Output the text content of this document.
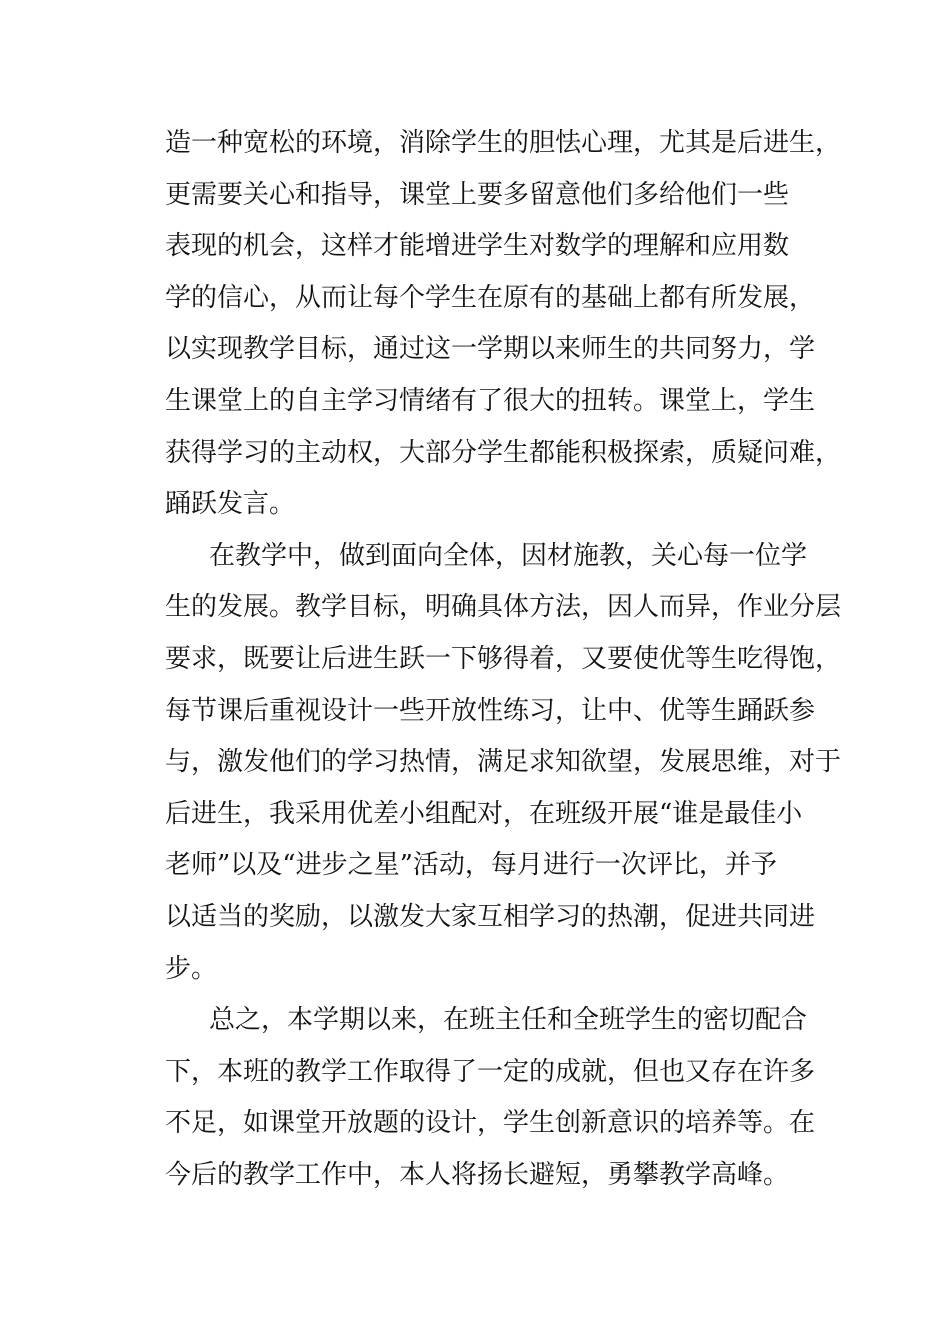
造一种宽松的环境，消除学生的胆怯心理，尤其是后进生，
更需要关心和指导，课堂上要多留意他们多给他们一些
表现的机会，这样才能增进学生对数学的理解和应用数
学的信心，从而让每个学生在原有的基础上都有所发展，
以实现教学目标，通过这一学期以来师生的共同努力，学
生课堂上的自主学习情绪有了很大的扭转。课堂上，学生
获得学习的主动权，大部分学生都能积极探索，质疑问难，
踊跃发言。
在教学中，做到面向全体，因材施教，关心每一位学
生的发展。教学目标，明确具体方法，因人而异，作业分层
要求，既要让后进生跃一下够得着，又要使优等生吃得饱，
每节课后重视设计一些开放性练习，让中、优等生踊跃参
与，激发他们的学习热情，满足求知欲望，发展思维，对于
后进生，我采用优差小组配对，在班级开展“谁是最佳小
老师”以及“进步之星”活动，每月进行一次评比，并予
以适当的奖励，以激发大家互相学习的热潮，促进共同进
步。
总之，本学期以来，在班主任和全班学生的密切配合
下，本班的教学工作取得了一定的成就，但也又存在许多
不足，如课堂开放题的设计，学生创新意识的培养等。在
今后的教学工作中，本人将扬长避短，勇攀教学高峰。
